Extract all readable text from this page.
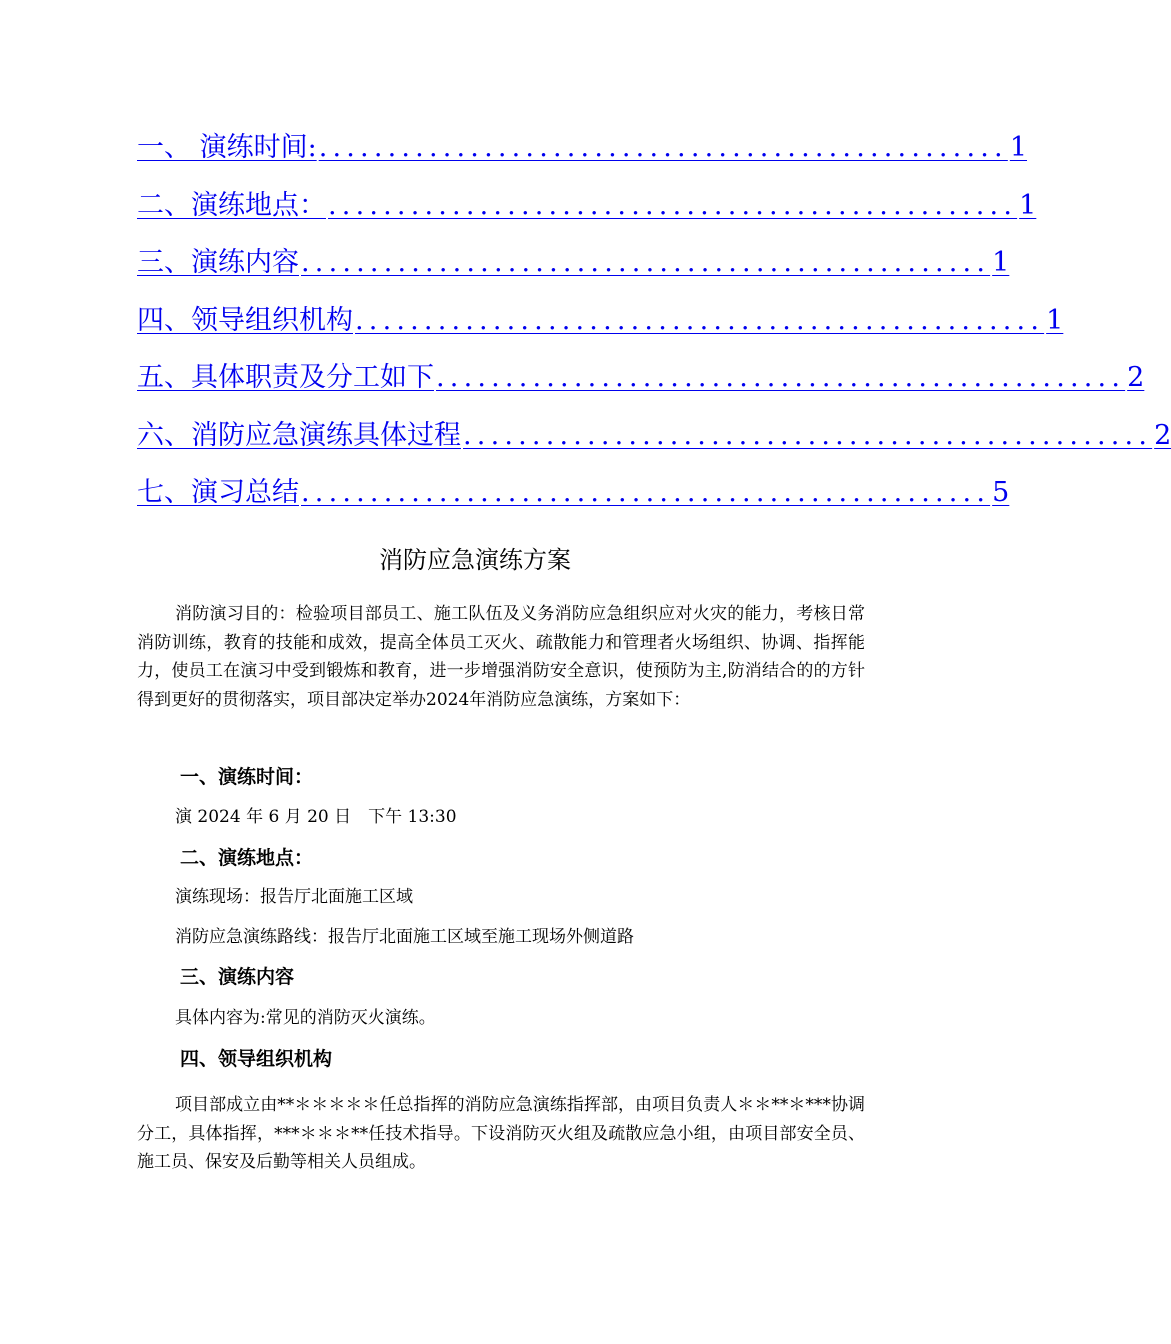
一、 演练时间: .................................................. 1
二、演练地点： .................................................. 1
三、演练内容 .................................................. 1
四、领导组织机构 .................................................. 1
五、具体职责及分工如下 .................................................. 2
六、消防应急演练具体过程 .................................................. 2
七、演习总结 .................................................. 5
消防应急演练方案

消防演习目的：检验项目部员工、施工队伍及义务消防应急组织应对火灾的能力，考核日常消防训练，教育的技能和成效，提高全体员工灭火、疏散能力和管理者火场组织、协调、指挥能力，使员工在演习中受到锻炼和教育，进一步增强消防安全意识，使预防为主,防消结合的的方针得到更好的贯彻落实，项目部决定举办2024年消防应急演练，方案如下：

一、演练时间：
演 2024 年 6 月 20 日　下午 13:30
二、演练地点：
演练现场：报告厅北面施工区域
消防应急演练路线：报告厅北面施工区域至施工现场外侧道路
三、演练内容
具体内容为:常见的消防灭火演练。
四、领导组织机构

项目部成立由**＊＊＊＊＊任总指挥的消防应急演练指挥部，由项目负责人＊＊**＊***协调分工，具体指挥，***＊＊＊**任技术指导。下设消防灭火组及疏散应急小组，由项目部安全员、施工员、保安及后勤等相关人员组成。
